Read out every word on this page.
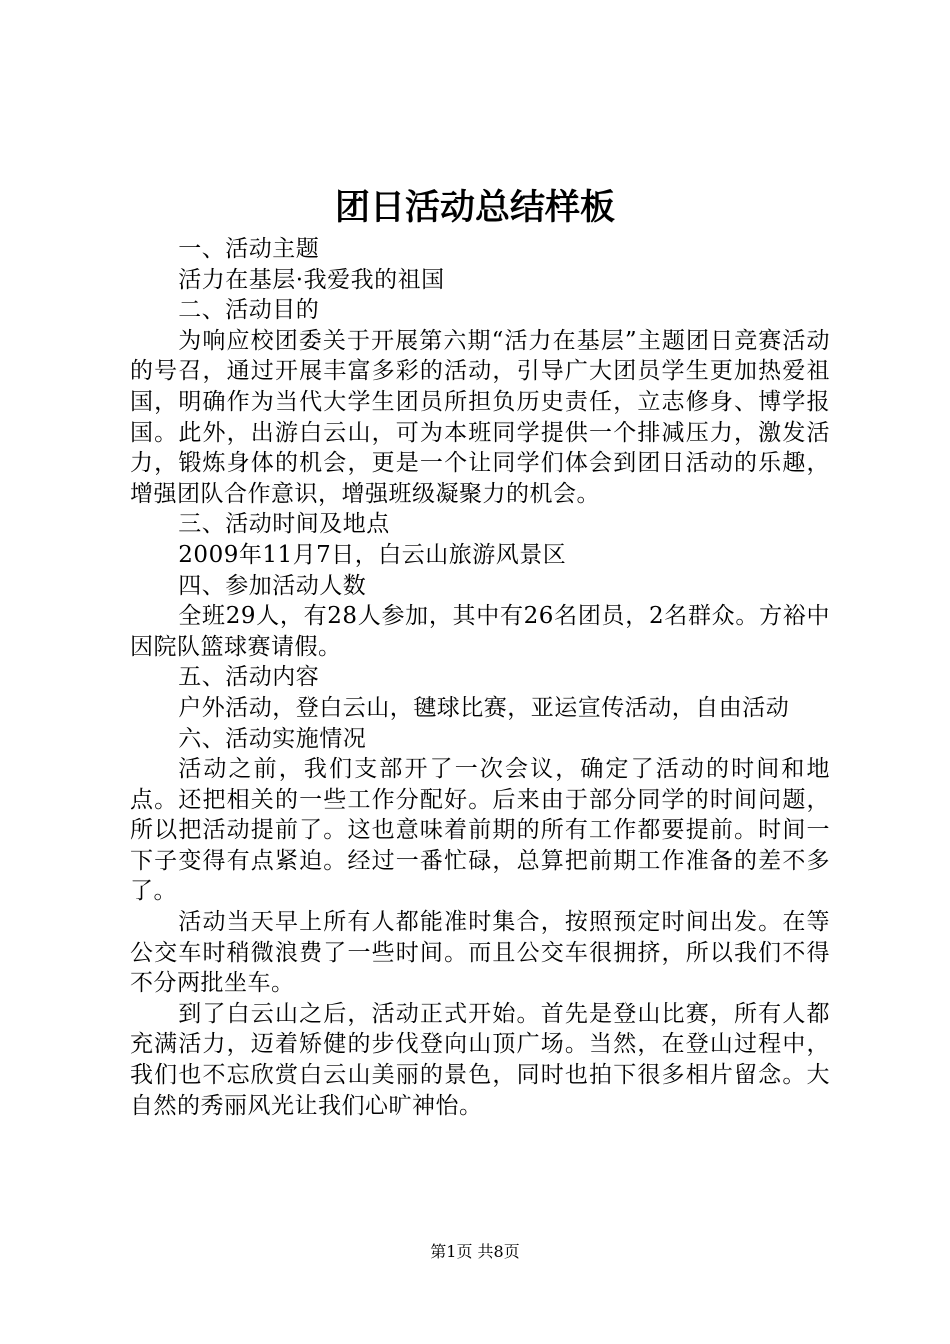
团日活动总结样板

一、活动主题

活力在基层·我爱我的祖国

二、活动目的

为响应校团委关于开展第六期“活力在基层”主题团日竞赛活动的号召，通过开展丰富多彩的活动，引导广大团员学生更加热爱祖国，明确作为当代大学生团员所担负历史责任，立志修身、博学报国。此外，出游白云山，可为本班同学提供一个排减压力，激发活力，锻炼身体的机会，更是一个让同学们体会到团日活动的乐趣，增强团队合作意识，增强班级凝聚力的机会。

三、活动时间及地点

2009年11月7日，白云山旅游风景区

四、参加活动人数

全班29人，有28人参加，其中有26名团员，2名群众。方裕中因院队篮球赛请假。

五、活动内容

户外活动，登白云山，毽球比赛，亚运宣传活动，自由活动

六、活动实施情况

活动之前，我们支部开了一次会议，确定了活动的时间和地点。还把相关的一些工作分配好。后来由于部分同学的时间问题，所以把活动提前了。这也意味着前期的所有工作都要提前。时间一下子变得有点紧迫。经过一番忙碌，总算把前期工作准备的差不多了。

活动当天早上所有人都能准时集合，按照预定时间出发。在等公交车时稍微浪费了一些时间。而且公交车很拥挤，所以我们不得不分两批坐车。

到了白云山之后，活动正式开始。首先是登山比赛，所有人都充满活力，迈着矫健的步伐登向山顶广场。当然，在登山过程中，我们也不忘欣赏白云山美丽的景色，同时也拍下很多相片留念。大自然的秀丽风光让我们心旷神怡。

第1页 共8页
